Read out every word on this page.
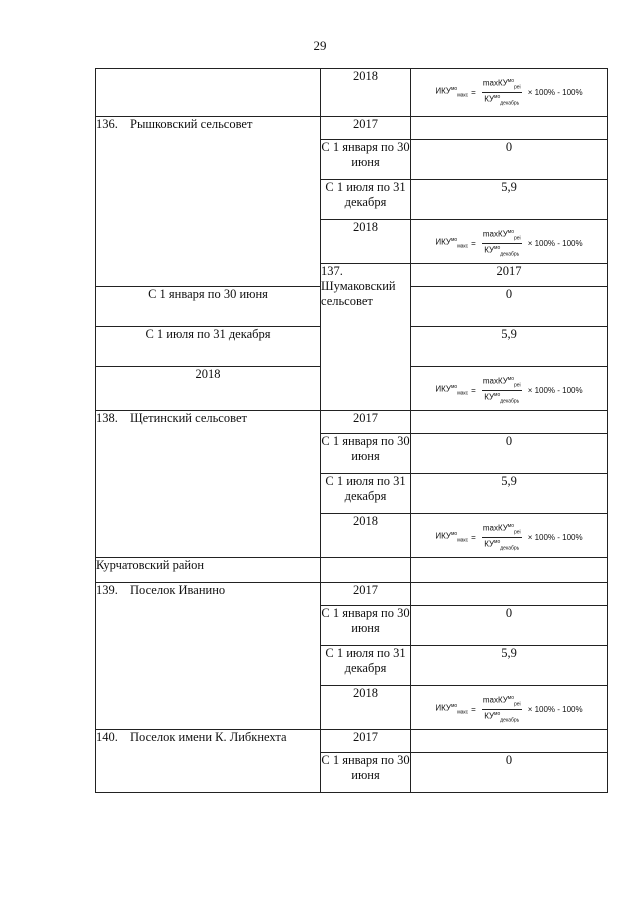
29
	2018	$ИКУ^{мо}_{макс} = \frac{\max КУ^{мо}_{pei}}{КУ^{мо}_{декабрь}} \times 100\% - 100\%$	

136. Рышковский сельсовет	2017		
	С 1 января по 30 июня	0	
	С 1 июля по 31 декабря	5,9	
	2018	$ИКУ^{мо}_{макс} = \frac{\max КУ^{мо}_{pei}}{КУ^{мо}_{декабрь}} \times 100\% - 100\%$	

	137.Шумаковский сельсовет	2017	
С 1 января по 30 июня		0	
С 1 июля по 31 декабря		5,9	
2018		$ИКУ^{мо}_{макс} = \frac{\max КУ^{мо}_{pei}}{КУ^{мо}_{декабрь}} \times 100\% - 100\%$	

138. Щетинский сельсовет	2017		
	С 1 января по 30 июня	0	
	С 1 июля по 31 декабря	5,9	
	2018	$ИКУ^{мо}_{макс} = \frac{\max КУ^{мо}_{pei}}{КУ^{мо}_{декабрь}} \times 100\% - 100\%$	

Курчатовский район			
139. Поселок Иванино	2017		
	С 1 января по 30 июня	0	
	С 1 июля по 31 декабря	5,9	
	2018	$ИКУ^{мо}_{макс} = \frac{\max КУ^{мо}_{pei}}{КУ^{мо}_{декабрь}} \times 100\% - 100\%$	

140. Поселок имени К. Либкнехта	2017		
	С 1 января по 30 июня	0	
